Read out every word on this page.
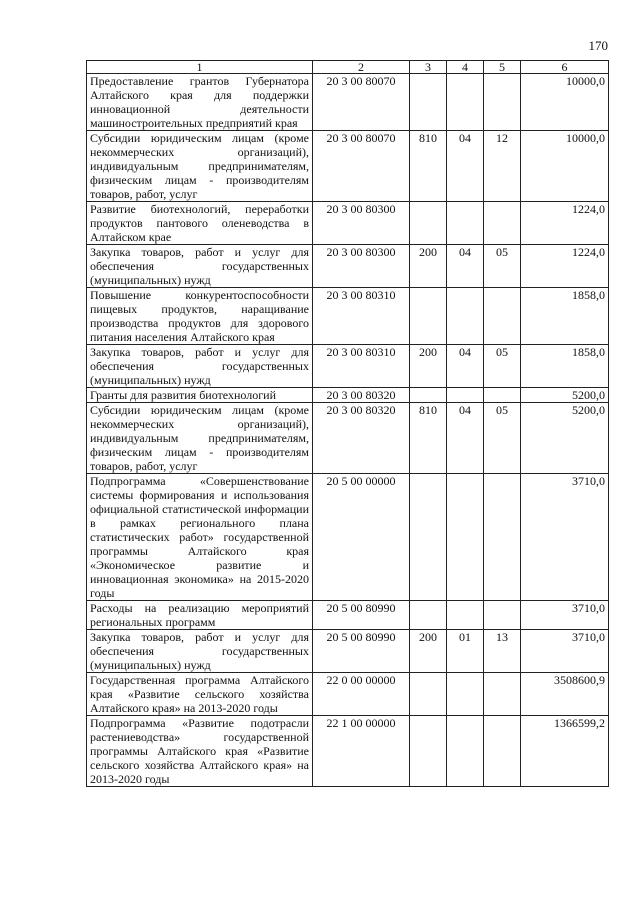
170
1	2	3	4	5	6
Предоставление грантов Губернатора Алтайского края для поддержки инновационной деятельности машиностроительных предприятий края	20 3 00 80070				10000,0
Субсидии юридическим лицам (кроме некоммерческих организаций), индивидуальным предпринимателям, физическим лицам - производителям товаров, работ, услуг	20 3 00 80070	810	04	12	10000,0
Развитие биотехнологий, переработки продуктов пантового оленеводства в Алтайском крае	20 3 00 80300				1224,0
Закупка товаров, работ и услуг для обеспечения государственных (муниципальных) нужд	20 3 00 80300	200	04	05	1224,0
Повышение конкурентоспособности пищевых продуктов, наращивание производства продуктов для здорового питания населения Алтайского края	20 3 00 80310				1858,0
Закупка товаров, работ и услуг для обеспечения государственных (муниципальных) нужд	20 3 00 80310	200	04	05	1858,0
Гранты для развития биотехнологий	20 3 00 80320				5200,0
Субсидии юридическим лицам (кроме некоммерческих организаций), индивидуальным предпринимателям, физическим лицам - производителям товаров, работ, услуг	20 3 00 80320	810	04	05	5200,0
Подпрограмма «Совершенствование системы формирования и использования официальной статистической информации в рамках регионального плана статистических работ» государственной программы Алтайского края «Экономическое развитие и инновационная экономика» на 2015-2020 годы	20 5 00 00000				3710,0
Расходы на реализацию мероприятий региональных программ	20 5 00 80990				3710,0
Закупка товаров, работ и услуг для обеспечения государственных (муниципальных) нужд	20 5 00 80990	200	01	13	3710,0
Государственная программа Алтайского края «Развитие сельского хозяйства Алтайского края» на 2013-2020 годы	22 0 00 00000				3508600,9
Подпрограмма «Развитие подотрасли растениеводства» государственной программы Алтайского края «Развитие сельского хозяйства Алтайского края» на 2013-2020 годы	22 1 00 00000				1366599,2
